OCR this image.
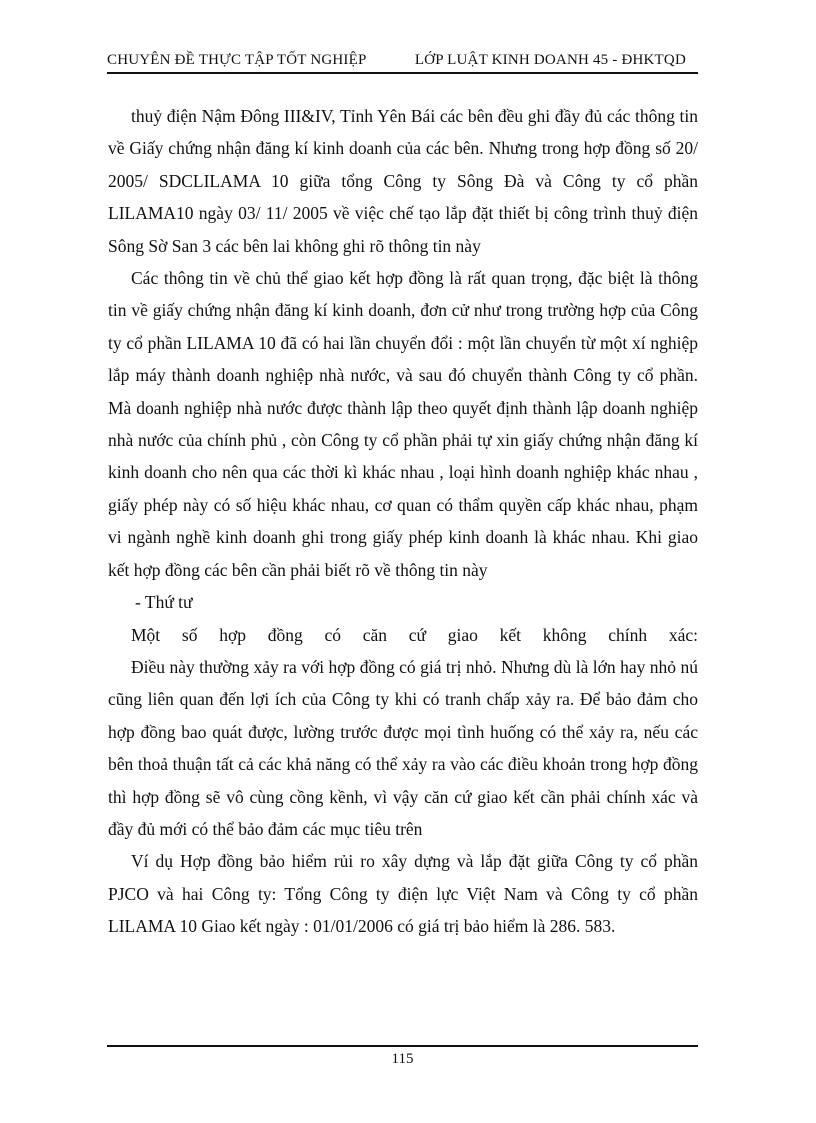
CHUYÊN ĐỀ THỰC TẬP TỐT NGHIỆP	LỚP LUẬT KINH DOANH 45 - ĐHKTQD

thuỷ điện Nậm Đông III&IV, Tỉnh Yên Bái các bên đều ghi đầy đủ các thông tin về Giấy chứng nhận đăng kí kinh doanh của các bên. Nhưng trong hợp đồng số 20/ 2005/ SDCLILAMA 10 giữa tổng Công ty Sông Đà và Công ty cổ phần LILAMA10 ngày 03/ 11/ 2005 về việc chế tạo lắp đặt thiết bị công trình thuỷ điện Sông Sờ San 3 các bên lai không ghi rõ thông tin này

Các thông tin về chủ thể giao kết hợp đồng là rất quan trọng, đặc biệt là thông tin về giấy chứng nhận đăng kí kinh doanh, đơn cử như trong trường hợp của Công ty cổ phần LILAMA 10 đã có hai lần chuyển đổi : một lần chuyển từ một xí nghiệp lắp máy thành doanh nghiệp nhà nước, và sau đó chuyển thành Công ty cổ phần. Mà doanh nghiệp nhà nước được thành lập theo quyết định thành lập doanh nghiệp nhà nước của chính phủ , còn Công ty cổ phần phải tự xin giấy chứng nhận đăng kí kinh doanh cho nên qua các thời kì khác nhau , loại hình doanh nghiệp khác nhau , giấy phép này có số hiệu khác nhau, cơ quan có thẩm quyền cấp khác nhau, phạm vi ngành nghề kinh doanh ghi trong giấy phép kinh doanh là khác nhau. Khi giao kết hợp đồng các bên cần phải biết rõ về thông tin này

- Thứ tư

Một số hợp đồng có căn cứ giao kết không chính xác:

Điều này thường xảy ra với hợp đồng có giá trị nhỏ. Nhưng dù là lớn hay nhỏ nú cũng liên quan đến lợi ích của Công ty khi có tranh chấp xảy ra. Để bảo đảm cho hợp đồng bao quát được, lường trước được mọi tình huống có thể xảy ra, nếu các bên thoả thuận tất cả các khả năng có thể xảy ra vào các điều khoản trong hợp đồng thì hợp đồng sẽ vô cùng cồng kềnh, vì vậy căn cứ giao kết cần phải chính xác và đầy đủ mới có thể bảo đảm các mục tiêu trên

Ví dụ Hợp đồng bảo hiểm rủi ro xây dựng và lắp đặt giữa Công ty cổ phần PJCO và hai Công ty: Tổng Công ty điện lực Việt Nam và Công ty cổ phần LILAMA 10 Giao kết ngày : 01/01/2006 có giá trị bảo hiểm là 286. 583.

115
